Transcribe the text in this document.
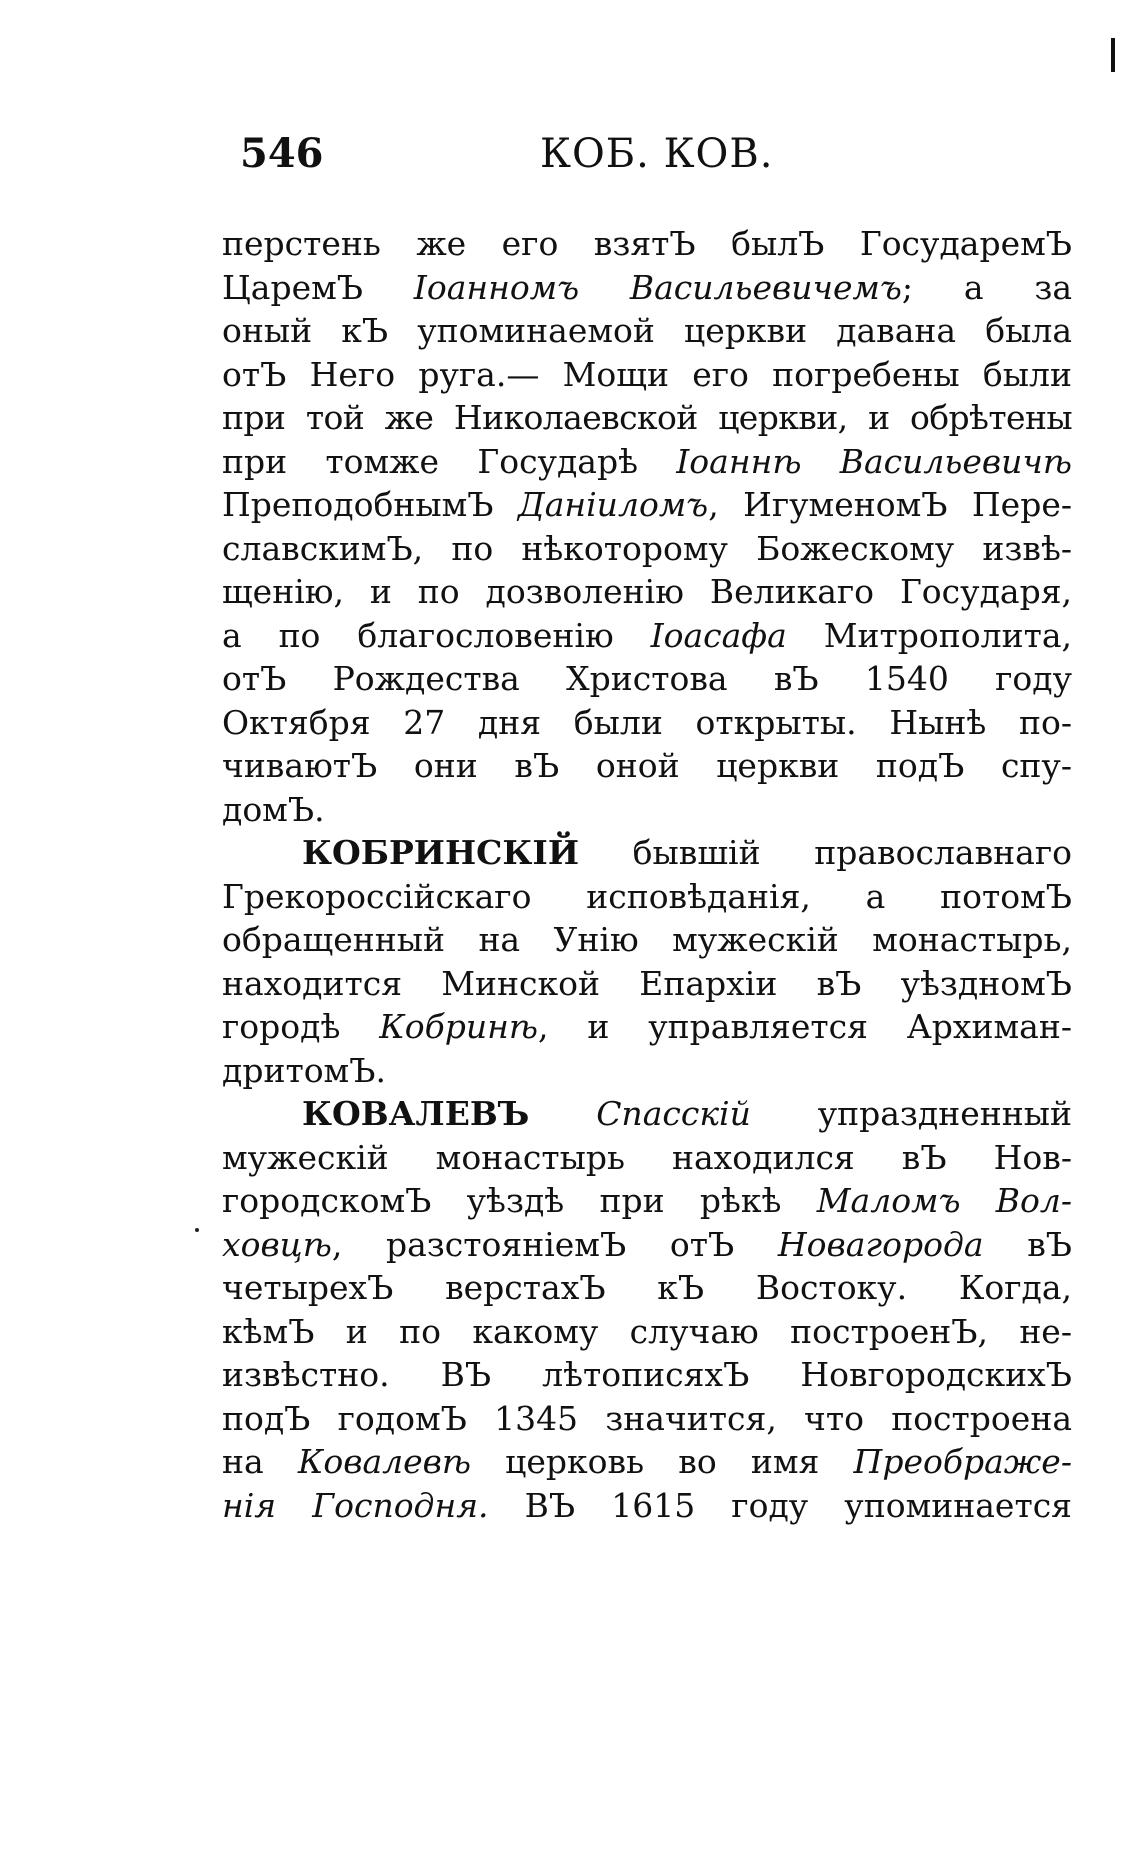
546	КОБ. КОВ.
перстень же его взятЪ былЪ ГосударемЪ
ЦаремЪ Іоанномъ Васильевичемъ; а за
оный кЪ упоминаемой церкви давана была
отЪ Него руга.— Мощи его погребены были
при той же Николаевской церкви, и обрѣтены
при томже Государѣ Іоаннѣ Васильевичѣ
ПреподобнымЪ Даніиломъ, ИгуменомЪ Пере-
славскимЪ, по нѣкоторому Божескому извѣ-
щенію, и по дозволенію Великаго Государя,
а по благословенію Іоасафа Митрополита,
отЪ Рождества Христова вЪ 1540 году
Октября 27 дня были открыты. Нынѣ по-
чиваютЪ они вЪ оной церкви подЪ спу-
домЪ.
КОБРИНСКІЙ бывшій православнаго
Грекороссійскаго исповѣданія, а потомЪ
обращенный на Унію мужескій монастырь,
находится Минской Епархіи вЪ уѣздномЪ
городѣ Кобринѣ, и управляется Архиман-
дритомЪ.
КОВАЛЕВЪ Спасскій упраздненный
мужескій монастырь находился вЪ Нов-
городскомЪ уѣздѣ при рѣкѣ Маломъ Вол-
ховцѣ, разстояніемЪ отЪ Новагорода вЪ
четырехЪ верстахЪ кЪ Востоку. Когда,
кѣмЪ и по какому случаю построенЪ, не-
извѣстно. ВЪ лѣтописяхЪ НовгородскихЪ
подЪ годомЪ 1345 значится, что построена
на Ковалевѣ церковь во имя Преображе-
нія Господня. ВЪ 1615 году упоминается
